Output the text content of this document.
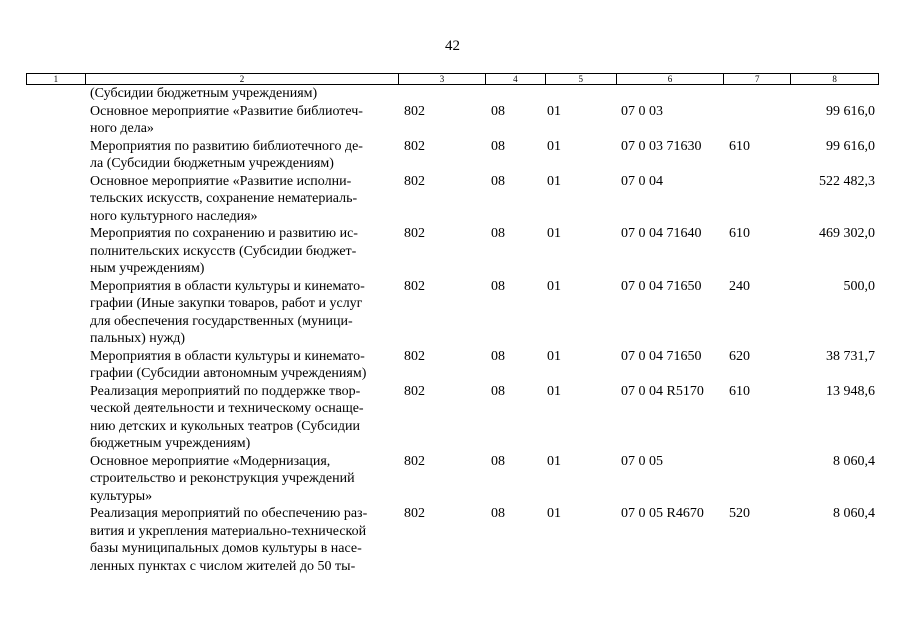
42
1	2	3	4	5	6	7	8
(Субсидии бюджетным учреждениям)
Основное мероприятие «Развитие библиотеч-
ного дела»
802	08	01	07 0 03	99 616,0
Мероприятия по развитию библиотечного де-
ла (Субсидии бюджетным учреждениям)
802	08	01	07 0 03 71630 610	99 616,0
Основное мероприятие «Развитие исполни-
тельских искусств, сохранение нематериаль-
ного культурного наследия»
802	08	01	07 0 04	522 482,3
Мероприятия по сохранению и развитию ис-
полнительских искусств (Субсидии бюджет-
ным учреждениям)
802	08	01	07 0 04 71640 610	469 302,0
Мероприятия в области культуры и кинемато-
графии (Иные закупки товаров, работ и услуг
для обеспечения государственных (муници-
пальных) нужд)
802	08	01	07 0 04 71650 240	500,0
Мероприятия в области культуры и кинемато-
графии (Субсидии автономным учреждениям)
802	08	01	07 0 04 71650 620	38 731,7
Реализация мероприятий по поддержке твор-
ческой деятельности и техническому оснаще-
нию детских и кукольных театров (Субсидии
бюджетным учреждениям)
802	08	01	07 0 04 R5170 610	13 948,6
Основное мероприятие «Модернизация,
строительство и реконструкция учреждений
культуры»
802	08	01	07 0 05	8 060,4
Реализация мероприятий по обеспечению раз-
вития и укрепления материально-технической
базы муниципальных домов культуры в насе-
ленных пунктах с числом жителей до 50 ты-
802	08	01	07 0 05 R4670 520	8 060,4
